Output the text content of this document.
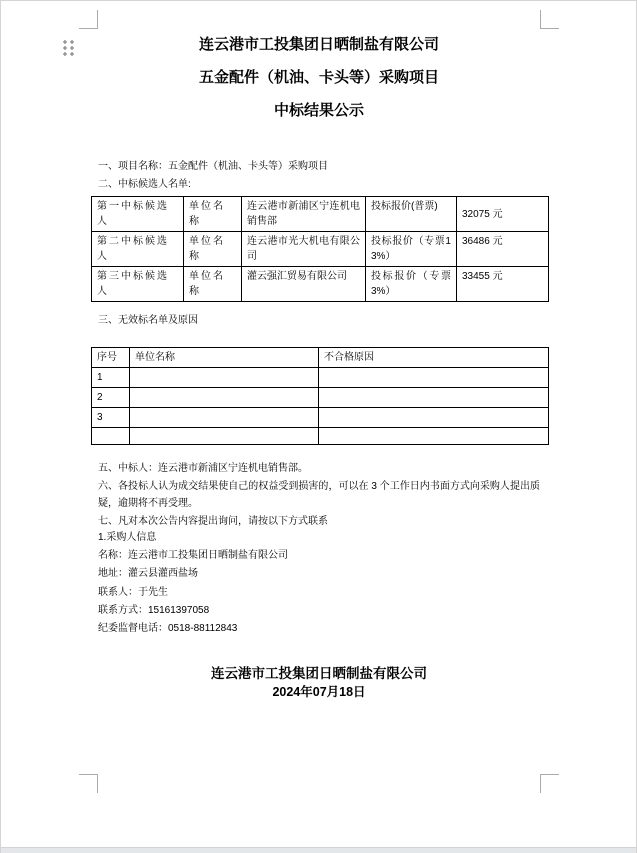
连云港市工投集团日晒制盐有限公司
五金配件（机油、卡头等）采购项目
中标结果公示

一、项目名称：五金配件（机油、卡头等）采购项目

二、中标候选人名单:

第一中标候选人	单位名称	连云港市新浦区宁连机电销售部	投标报价(普票)	32075 元
第二中标候选人	单位名称	连云港市光大机电有限公司	投标报价（专票13%）	36486 元
第三中标候选人	单位名称	灌云强汇贸易有限公司	投标报价（专票3%）	33455 元

三、无效标名单及原因

序号	单位名称	不合格原因
1		
2		
3		

五、中标人：连云港市新浦区宁连机电销售部。

六、各投标人认为成交结果使自己的权益受到损害的，可以在 3 个工作日内书面方式向采购人提出质疑，逾期将不再受理。

七、凡对本次公告内容提出询问，请按以下方式联系

1.采购人信息

名称：连云港市工投集团日晒制盐有限公司

地址：灌云县灌西盐场

联系人：于先生

联系方式：15161397058

纪委监督电话：0518-88112843

连云港市工投集团日晒制盐有限公司
2024年07月18日
